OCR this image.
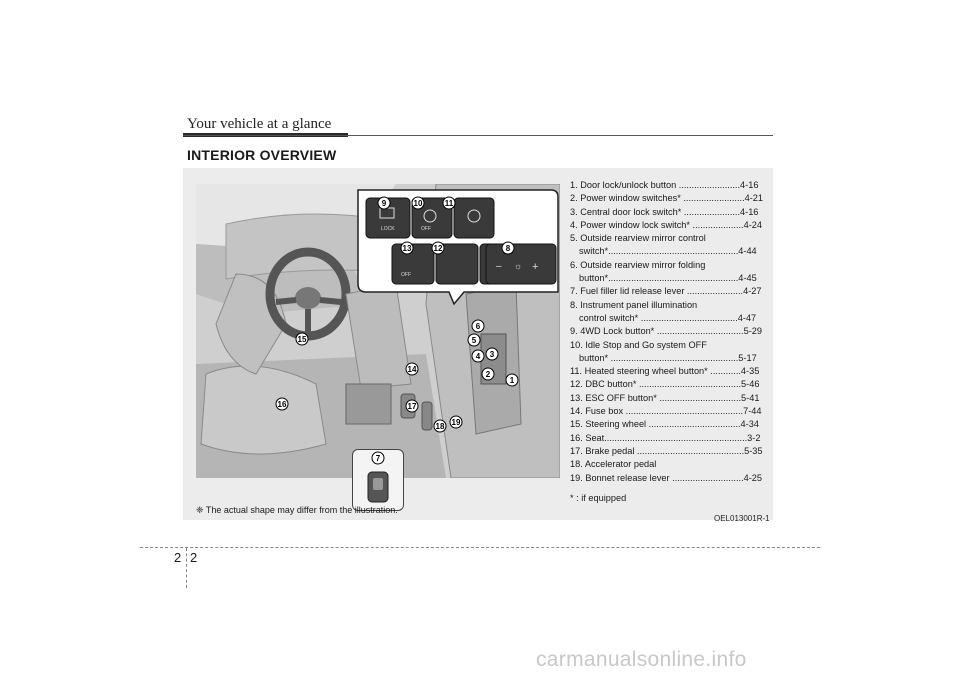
Your vehicle at a glance
INTERIOR OVERVIEW
– ☼ +
LOCK	OFF
OFF
9	10	11
13	12	8
6
5
4 3
2
1
15
14
16	17
18 19
7
1. Door lock/unlock button ........................4-16
2. Power window switches* ........................4-21
3. Central door lock switch* ......................4-16
4. Power window lock switch* ....................4-24
5. Outside rearview mirror control
switch*...................................................4-44
6. Outside rearview mirror folding
button*...................................................4-45
7. Fuel filler lid release lever ......................4-27
8. Instrument panel illumination
control switch* ......................................4-47
9. 4WD Lock button* ..................................5-29
10. Idle Stop and Go system OFF
button* ..................................................5-17
11. Heated steering wheel button* ............4-35
12. DBC button* ........................................5-46
13. ESC OFF button* ................................5-41
14. Fuse box ..............................................7-44
15. Steering wheel ....................................4-34
16. Seat........................................................3-2
17. Brake pedal ..........................................5-35
18. Accelerator pedal
19. Bonnet release lever ............................4-25
* : if equipped
❈ The actual shape may differ from the illustration.
OEL013001R-1
2 2
carmanualsonline.info
